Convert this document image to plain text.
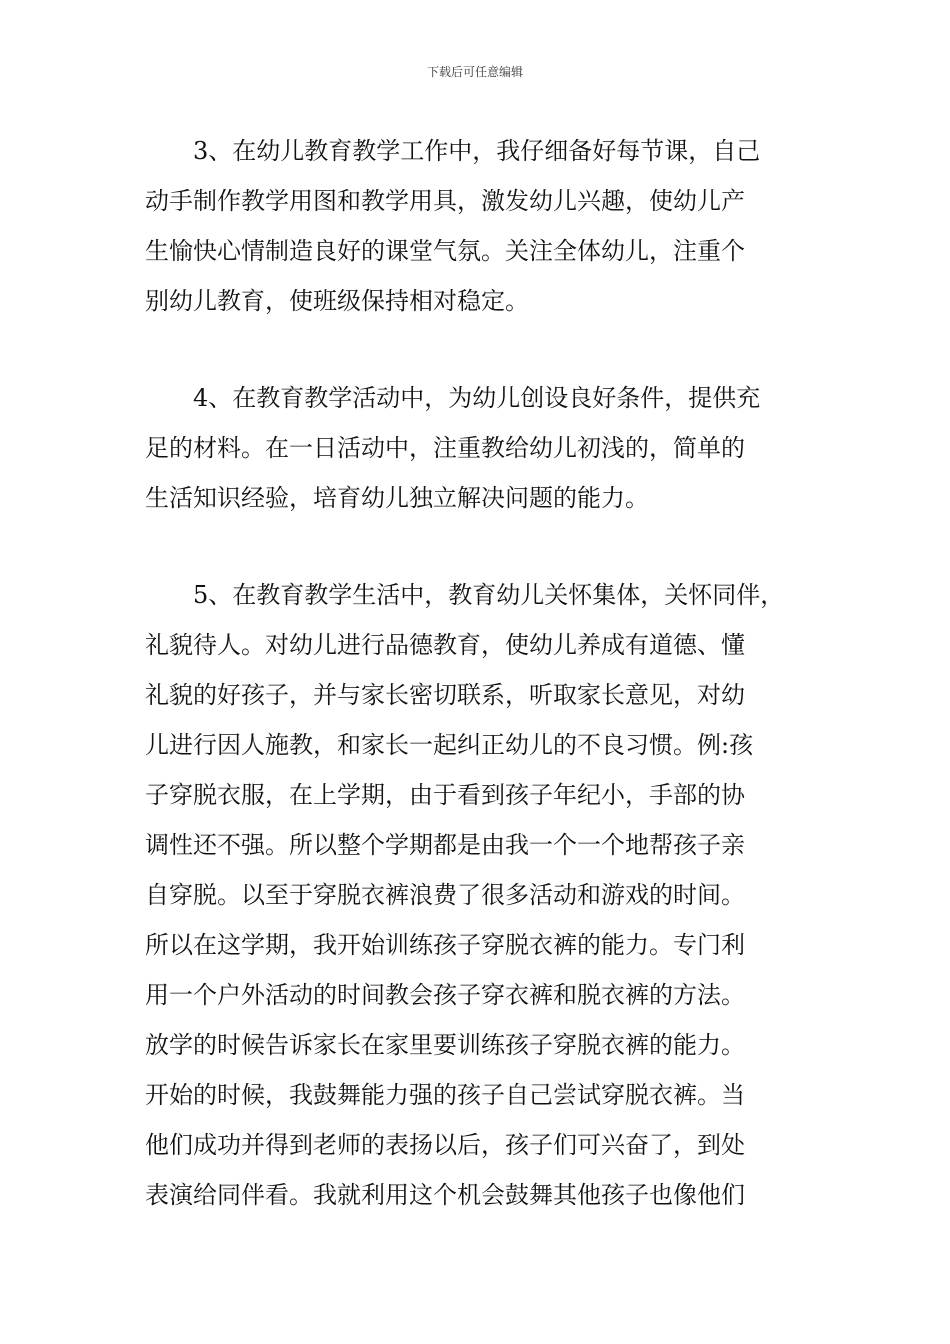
下载后可任意编辑
3、在幼儿教育教学工作中，我仔细备好每节课，自己
动手制作教学用图和教学用具，激发幼儿兴趣，使幼儿产
生愉快心情制造良好的课堂气氛。关注全体幼儿，注重个
别幼儿教育，使班级保持相对稳定。
4、在教育教学活动中，为幼儿创设良好条件，提供充
足的材料。在一日活动中，注重教给幼儿初浅的，简单的
生活知识经验，培育幼儿独立解决问题的能力。
5、在教育教学生活中，教育幼儿关怀集体，关怀同伴，
礼貌待人。对幼儿进行品德教育，使幼儿养成有道德、懂
礼貌的好孩子，并与家长密切联系，听取家长意见，对幼
儿进行因人施教，和家长一起纠正幼儿的不良习惯。例:孩
子穿脱衣服，在上学期，由于看到孩子年纪小，手部的协
调性还不强。所以整个学期都是由我一个一个地帮孩子亲
自穿脱。以至于穿脱衣裤浪费了很多活动和游戏的时间。
所以在这学期，我开始训练孩子穿脱衣裤的能力。专门利
用一个户外活动的时间教会孩子穿衣裤和脱衣裤的方法。
放学的时候告诉家长在家里要训练孩子穿脱衣裤的能力。
开始的时候，我鼓舞能力强的孩子自己尝试穿脱衣裤。当
他们成功并得到老师的表扬以后，孩子们可兴奋了，到处
表演给同伴看。我就利用这个机会鼓舞其他孩子也像他们
